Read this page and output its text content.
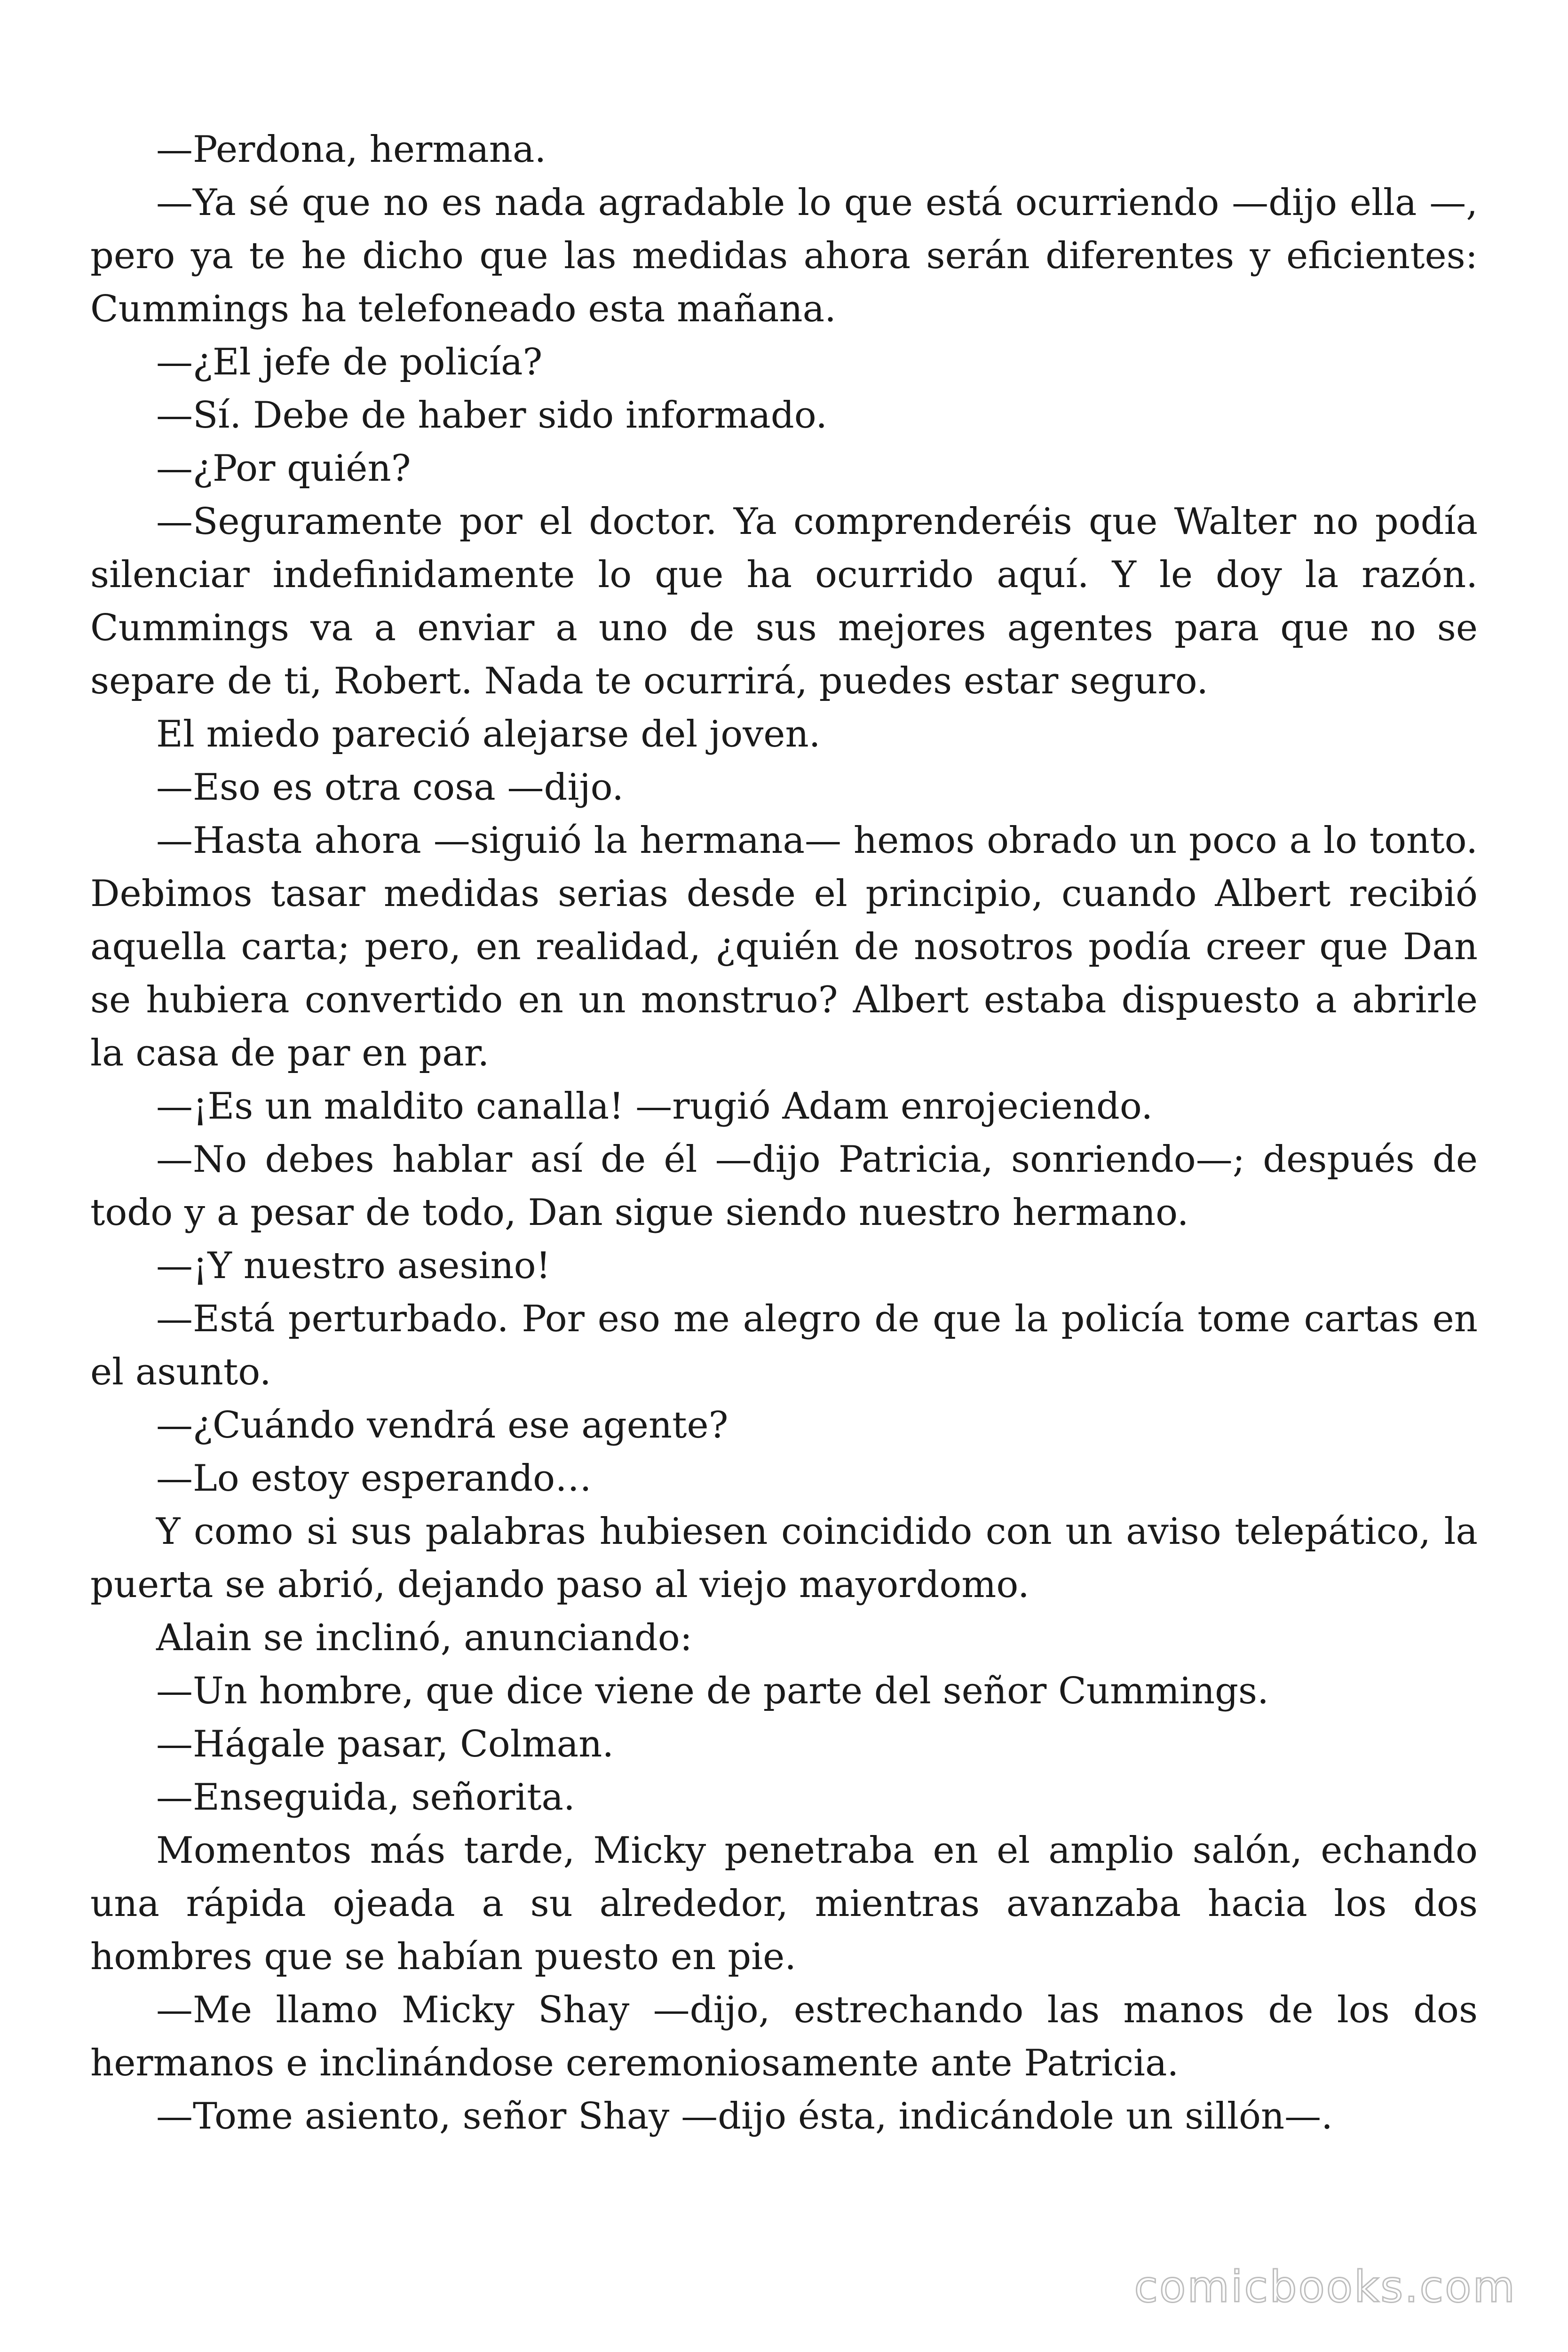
—Perdona, hermana.

—Ya sé que no es nada agradable lo que está ocurriendo —dijo ella —, pero ya te he dicho que las medidas ahora serán diferentes y eficientes: Cummings ha telefoneado esta mañana.

—¿El jefe de policía?

—Sí. Debe de haber sido informado.

—¿Por quién?

—Seguramente por el doctor. Ya comprenderéis que Walter no podía silenciar indefinidamente lo que ha ocurrido aquí. Y le doy la razón. Cummings va a enviar a uno de sus mejores agentes para que no se separe de ti, Robert. Nada te ocurrirá, puedes estar seguro.

El miedo pareció alejarse del joven.

—Eso es otra cosa —dijo.

—Hasta ahora —siguió la hermana— hemos obrado un poco a lo tonto. Debimos tasar medidas serias desde el principio, cuando Albert recibió aquella carta; pero, en realidad, ¿quién de nosotros podía creer que Dan se hubiera convertido en un monstruo? Albert estaba dispuesto a abrirle la casa de par en par.

—¡Es un maldito canalla! —rugió Adam enrojeciendo.

—No debes hablar así de él —dijo Patricia, sonriendo—; después de todo y a pesar de todo, Dan sigue siendo nuestro hermano.

—¡Y nuestro asesino!

—Está perturbado. Por eso me alegro de que la policía tome cartas en el asunto.

—¿Cuándo vendrá ese agente?

—Lo estoy esperando…

Y como si sus palabras hubiesen coincidido con un aviso telepático, la puerta se abrió, dejando paso al viejo mayordomo.

Alain se inclinó, anunciando:

—Un hombre, que dice viene de parte del señor Cummings.

—Hágale pasar, Colman.

—Enseguida, señorita.

Momentos más tarde, Micky penetraba en el amplio salón, echando una rápida ojeada a su alrededor, mientras avanzaba hacia los dos hombres que se habían puesto en pie.

—Me llamo Micky Shay —dijo, estrechando las manos de los dos hermanos e inclinándose ceremoniosamente ante Patricia.

—Tome asiento, señor Shay —dijo ésta, indicándole un sillón—.

comicbooks.com
